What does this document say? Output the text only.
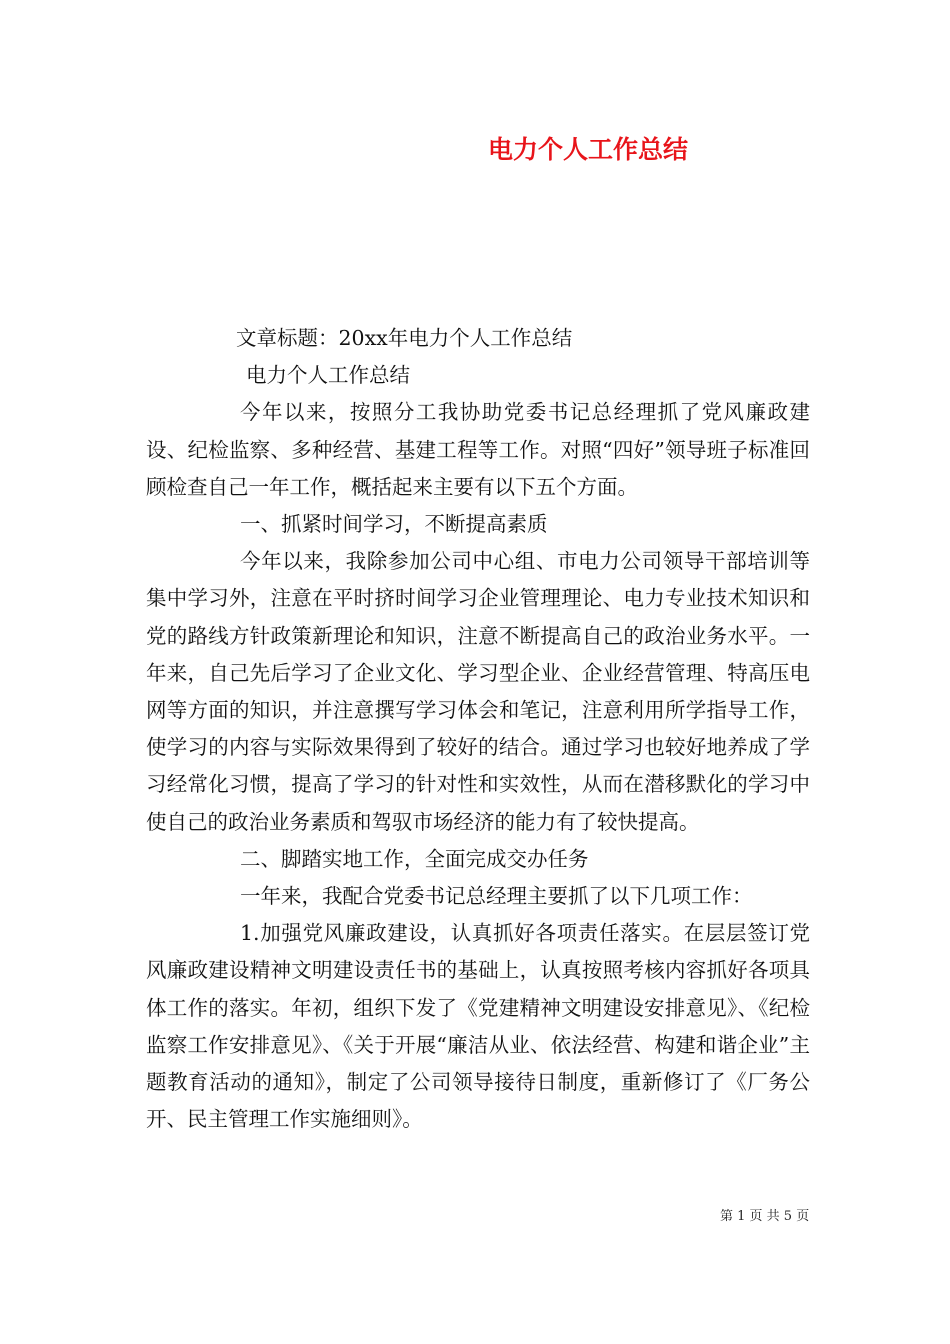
电力个人工作总结

文章标题：20xx年电力个人工作总结

电力个人工作总结

今年以来，按照分工我协助党委书记总经理抓了党风廉政建设、纪检监察、多种经营、基建工程等工作。对照“四好”领导班子标准回顾检查自己一年工作，概括起来主要有以下五个方面。

一、抓紧时间学习，不断提高素质

今年以来，我除参加公司中心组、市电力公司领导干部培训等集中学习外，注意在平时挤时间学习企业管理理论、电力专业技术知识和党的路线方针政策新理论和知识，注意不断提高自己的政治业务水平。一年来，自己先后学习了企业文化、学习型企业、企业经营管理、特高压电网等方面的知识，并注意撰写学习体会和笔记，注意利用所学指导工作，使学习的内容与实际效果得到了较好的结合。通过学习也较好地养成了学习经常化习惯，提高了学习的针对性和实效性，从而在潜移默化的学习中使自己的政治业务素质和驾驭市场经济的能力有了较快提高。

二、脚踏实地工作，全面完成交办任务

一年来，我配合党委书记总经理主要抓了以下几项工作：

1.加强党风廉政建设，认真抓好各项责任落实。在层层签订党风廉政建设精神文明建设责任书的基础上，认真按照考核内容抓好各项具体工作的落实。年初，组织下发了《党建精神文明建设安排意见》、《纪检监察工作安排意见》、《关于开展“廉洁从业、依法经营、构建和谐企业”主题教育活动的通知》，制定了公司领导接待日制度，重新修订了《厂务公开、民主管理工作实施细则》。

第 1 页 共 5 页
